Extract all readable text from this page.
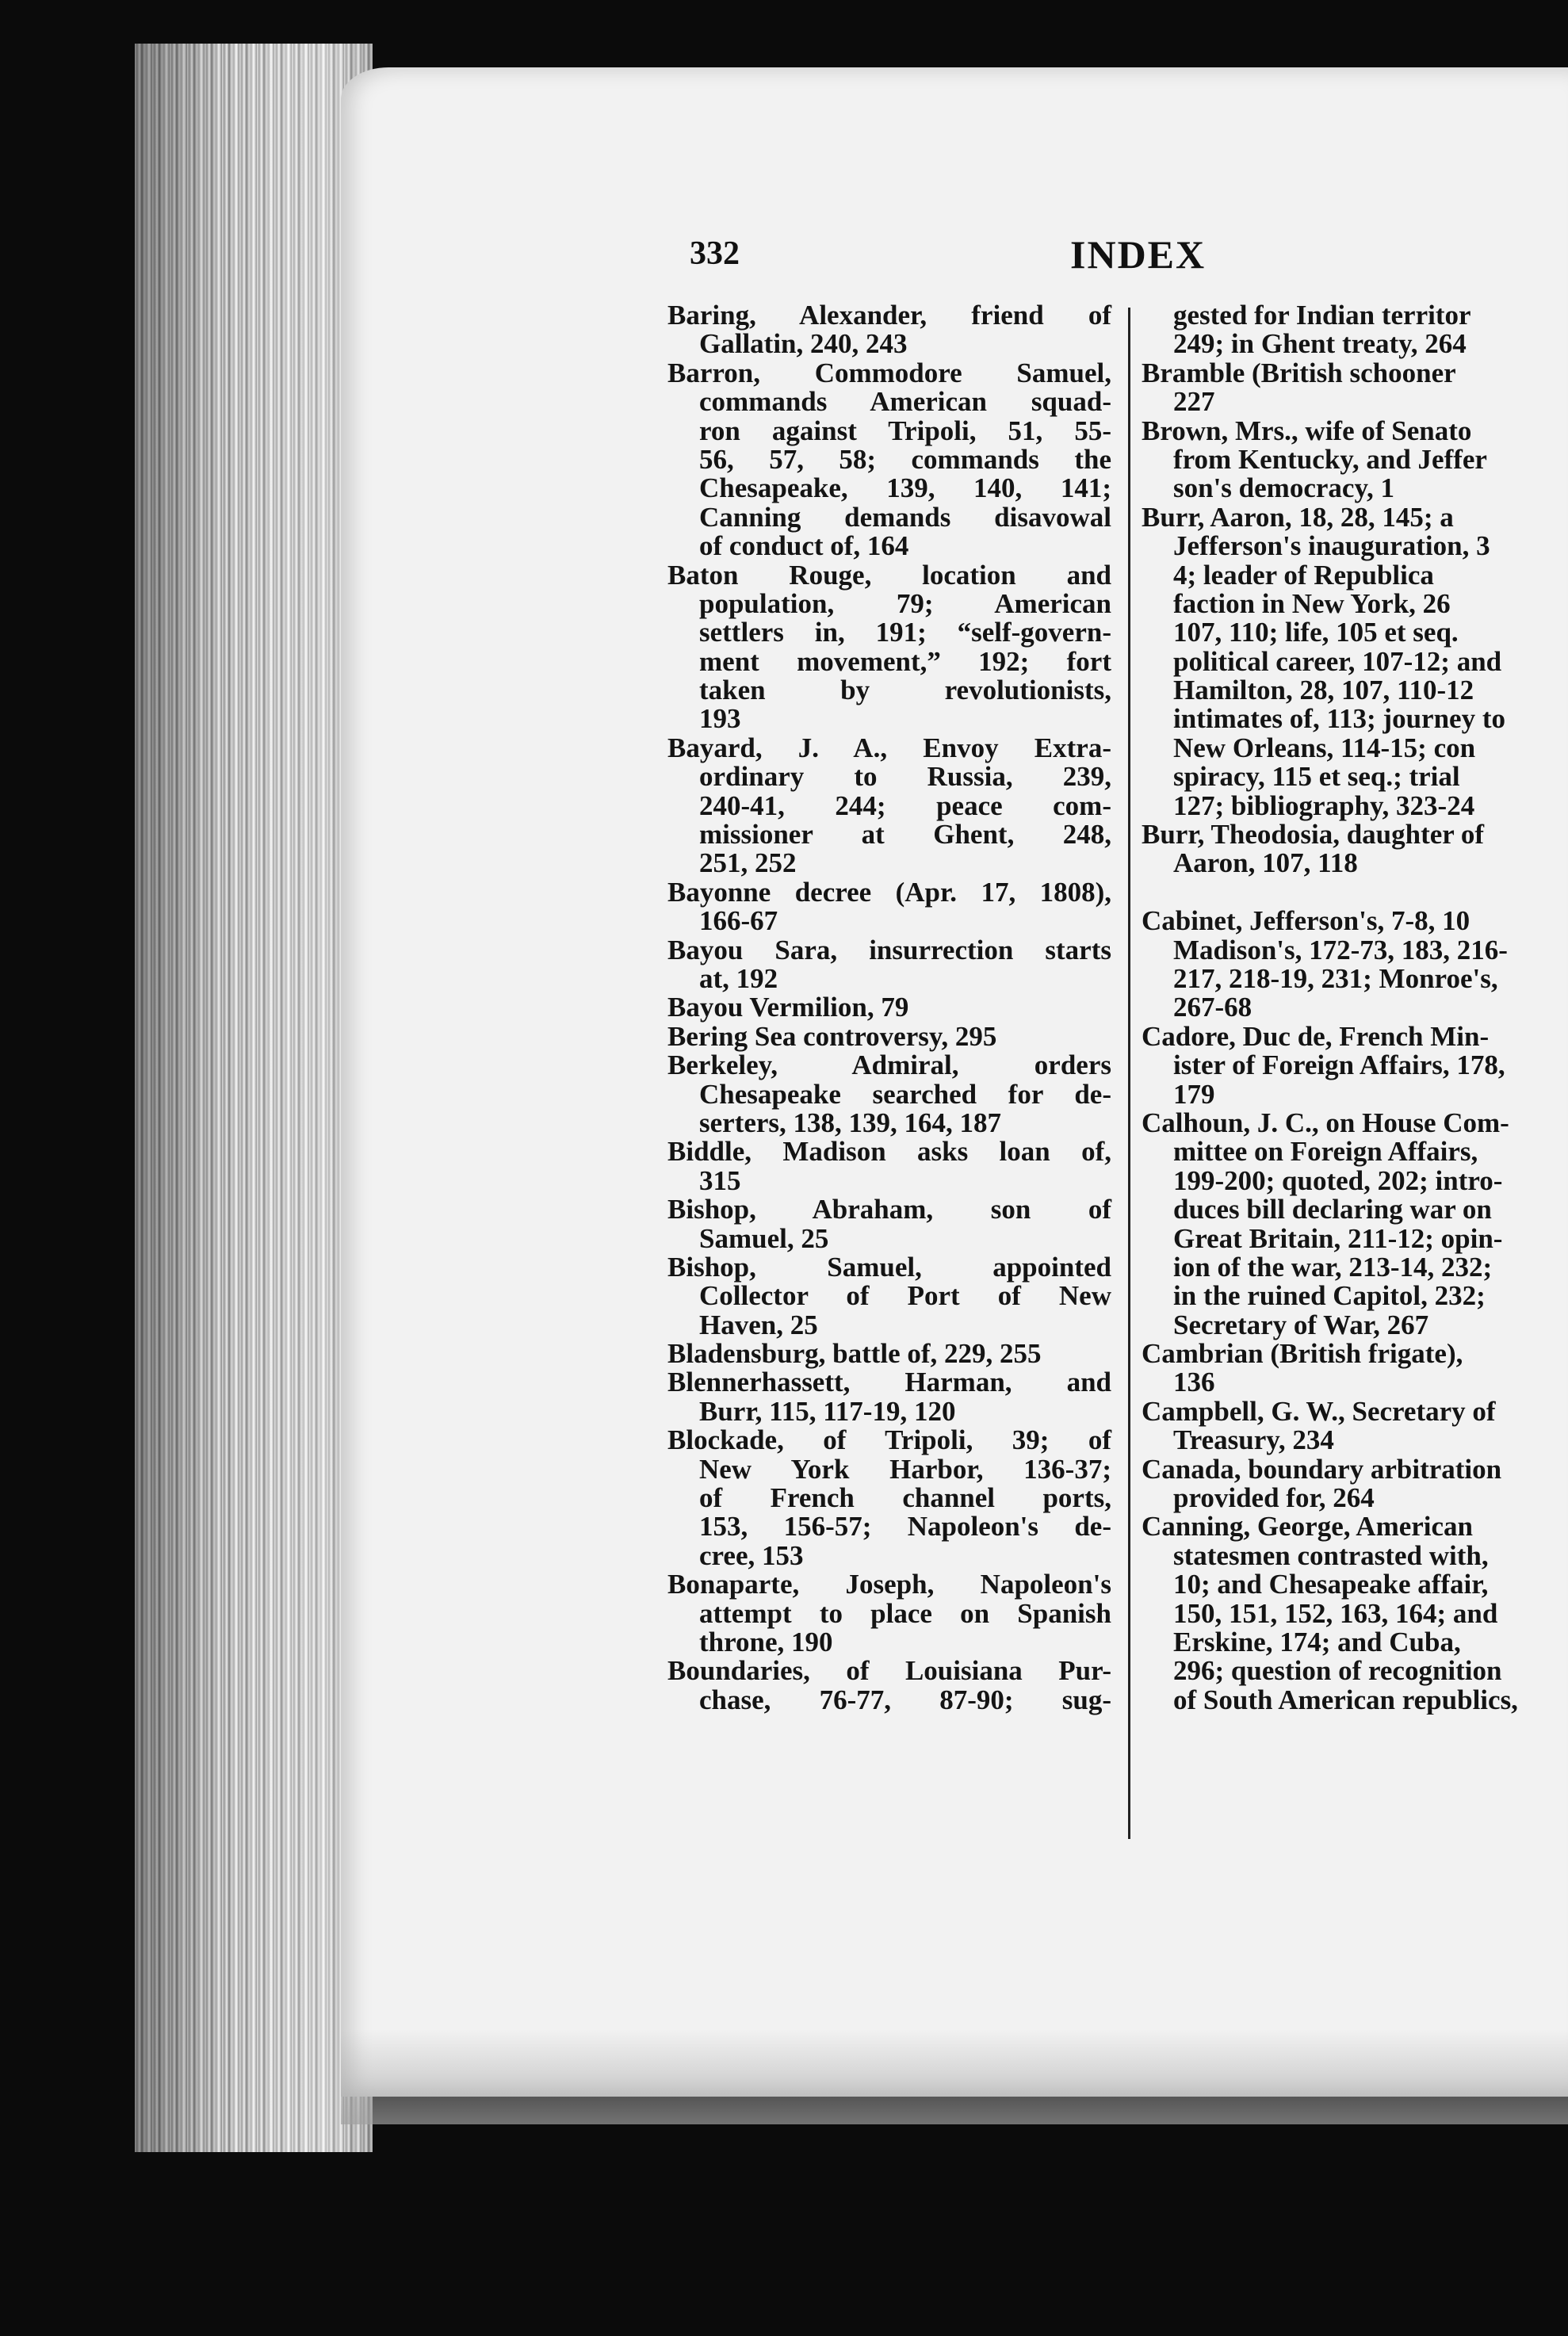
332	INDEX
Baring, Alexander, friend of
Gallatin, 240, 243
Barron, Commodore Samuel,
commands American squad-
ron against Tripoli, 51, 55-
56, 57, 58; commands the
Chesapeake, 139, 140, 141;
Canning demands disavowal
of conduct of, 164
Baton Rouge, location and
population, 79; American
settlers in, 191; “self-govern-
ment movement,” 192; fort
taken by revolutionists,
193
Bayard, J. A., Envoy Extra-
ordinary to Russia, 239,
240-41, 244; peace com-
missioner at Ghent, 248,
251, 252
Bayonne decree (Apr. 17, 1808),
166-67
Bayou Sara, insurrection starts
at, 192
Bayou Vermilion, 79
Bering Sea controversy, 295
Berkeley, Admiral, orders
Chesapeake searched for de-
serters, 138, 139, 164, 187
Biddle, Madison asks loan of,
315
Bishop, Abraham, son of
Samuel, 25
Bishop, Samuel, appointed
Collector of Port of New
Haven, 25
Bladensburg, battle of, 229, 255
Blennerhassett, Harman, and
Burr, 115, 117-19, 120
Blockade, of Tripoli, 39; of
New York Harbor, 136-37;
of French channel ports,
153, 156-57; Napoleon's de-
cree, 153
Bonaparte, Joseph, Napoleon's
attempt to place on Spanish
throne, 190
Boundaries, of Louisiana Pur-
chase, 76-77, 87-90; sug-
gested for Indian territor
249; in Ghent treaty, 264
Bramble (British schooner
227
Brown, Mrs., wife of Senato
from Kentucky, and Jeffer
son's democracy, 1
Burr, Aaron, 18, 28, 145; a
Jefferson's inauguration, 3
4; leader of Republica
faction in New York, 26
107, 110; life, 105 et seq.
political career, 107-12; and
Hamilton, 28, 107, 110-12
intimates of, 113; journey to
New Orleans, 114-15; con
spiracy, 115 et seq.; trial
127; bibliography, 323-24
Burr, Theodosia, daughter of
Aaron, 107, 118
Cabinet, Jefferson's, 7-8, 10
Madison's, 172-73, 183, 216-
217, 218-19, 231; Monroe's,
267-68
Cadore, Duc de, French Min-
ister of Foreign Affairs, 178,
179
Calhoun, J. C., on House Com-
mittee on Foreign Affairs,
199-200; quoted, 202; intro-
duces bill declaring war on
Great Britain, 211-12; opin-
ion of the war, 213-14, 232;
in the ruined Capitol, 232;
Secretary of War, 267
Cambrian (British frigate),
136
Campbell, G. W., Secretary of
Treasury, 234
Canada, boundary arbitration
provided for, 264
Canning, George, American
statesmen contrasted with,
10; and Chesapeake affair,
150, 151, 152, 163, 164; and
Erskine, 174; and Cuba,
296; question of recognition
of South American republics,
